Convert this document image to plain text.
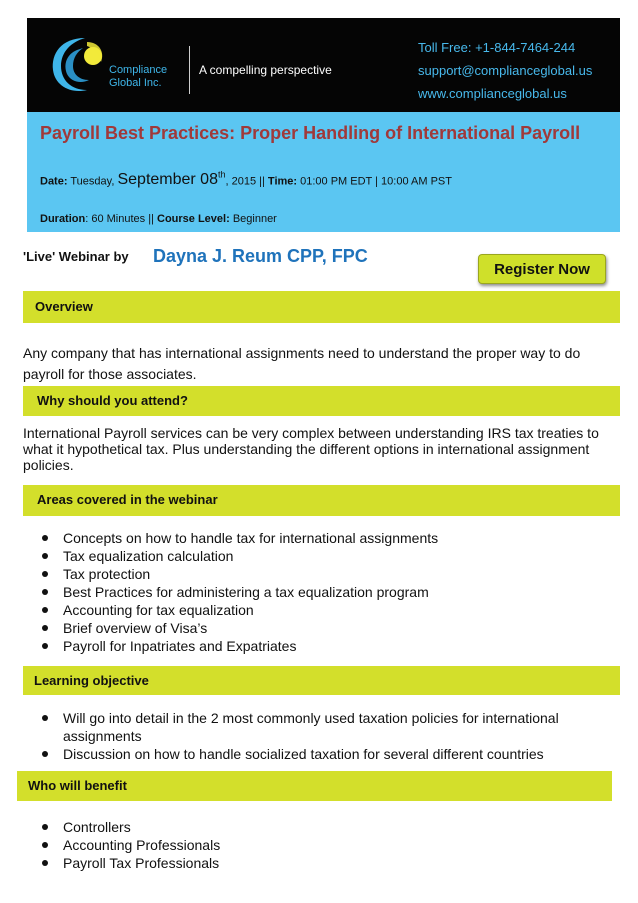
Compliance
Global Inc.
A compelling perspective
Toll Free: +1-844-7464-244
support@complianceglobal.us
www.complianceglobal.us
Payroll Best Practices: Proper Handling of International Payroll
Date: Tuesday, September 08th, 2015 || Time: 01:00 PM EDT | 10:00 AM PST
Duration: 60 Minutes || Course Level: Beginner
'Live' Webinar by Dayna J. Reum CPP, FPC
Register Now
Overview

Any company that has international assignments need to understand the proper way to do payroll for those associates.

Why should you attend?

International Payroll services can be very complex between understanding IRS tax treaties to what it hypothetical tax. Plus understanding the different options in international assignment policies.

Areas covered in the webinar
Concepts on how to handle tax for international assignments
Tax equalization calculation
Tax protection
Best Practices for administering a tax equalization program
Accounting for tax equalization
Brief overview of Visa’s
Payroll for Inpatriates and Expatriates
Learning objective
Will go into detail in the 2 most commonly used taxation policies for international assignments
Discussion on how to handle socialized taxation for several different countries
Who will benefit
Controllers
Accounting Professionals
Payroll Tax Professionals
